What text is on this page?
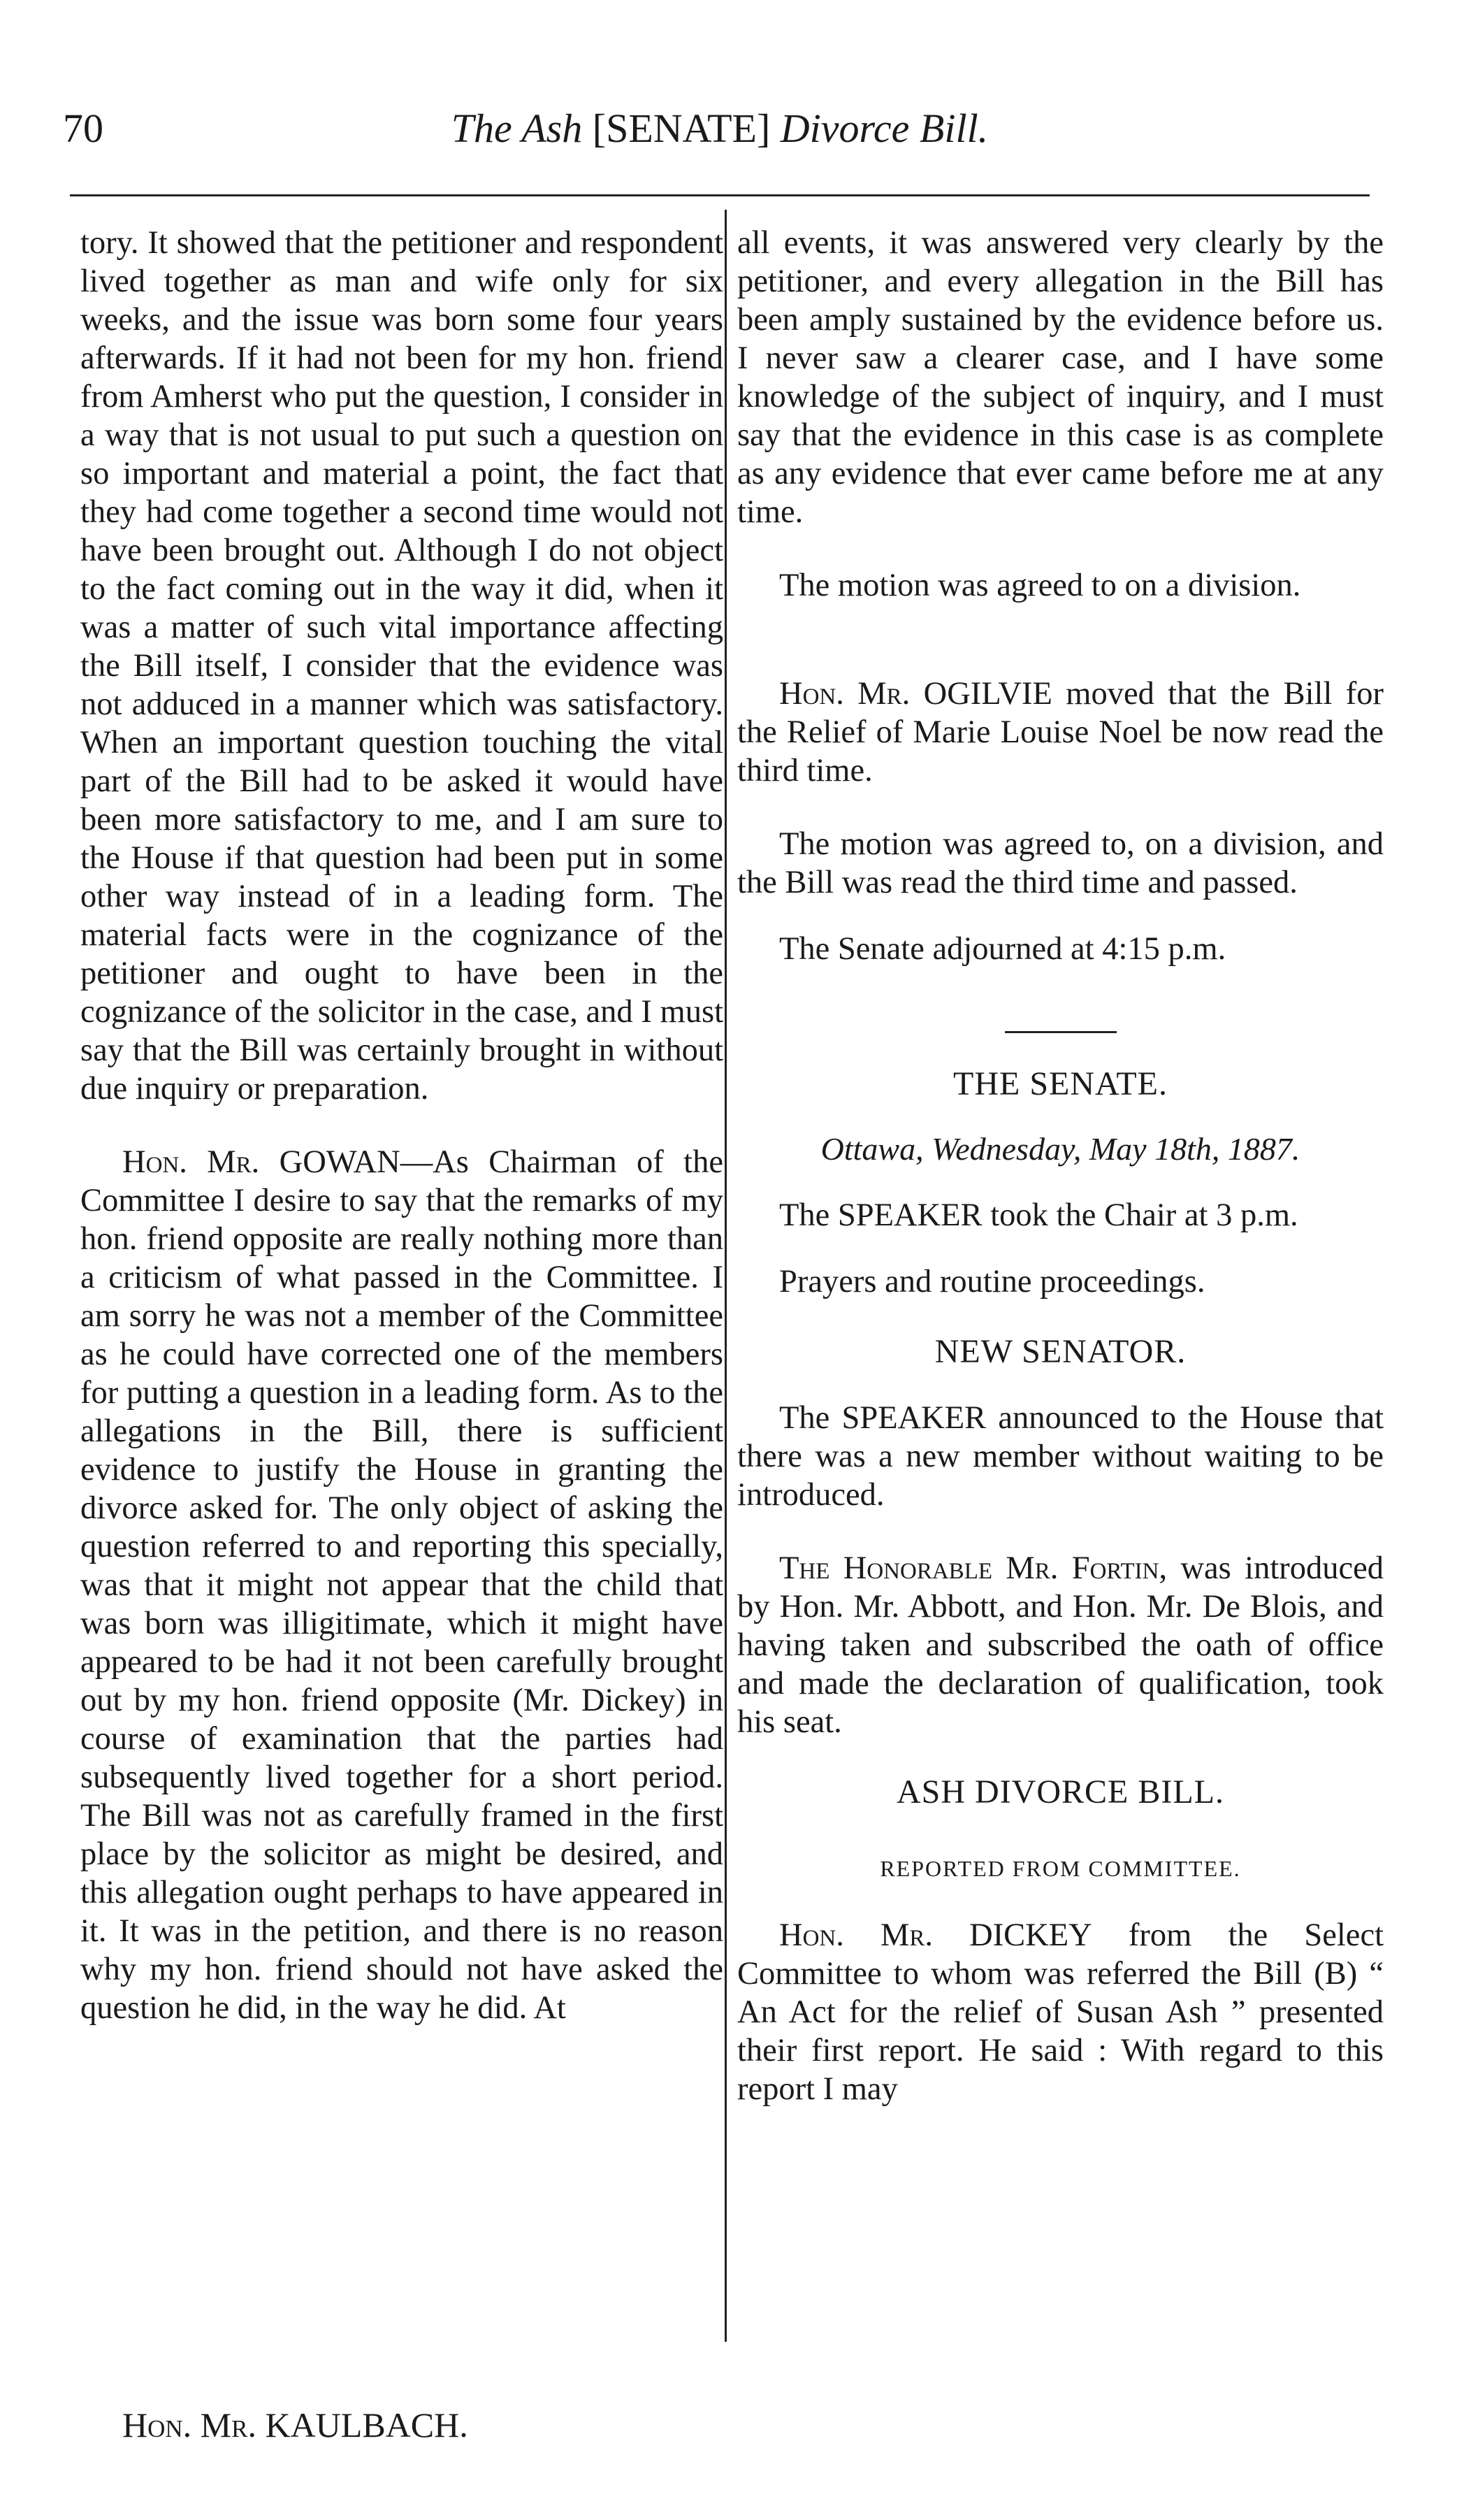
70	The Ash [SENATE] Divorce Bill.

tory. It showed that the petitioner and respondent lived together as man and wife only for six weeks, and the issue was born some four years afterwards. If it had not been for my hon. friend from Amherst who put the question, I consider in a way that is not usual to put such a question on so important and material a point, the fact that they had come together a second time would not have been brought out. Although I do not object to the fact coming out in the way it did, when it was a matter of such vital importance affecting the Bill itself, I consider that the evidence was not adduced in a manner which was satisfactory. When an important question touching the vital part of the Bill had to be asked it would have been more satisfactory to me, and I am sure to the House if that question had been put in some other way instead of in a leading form. The material facts were in the cognizance of the petitioner and ought to have been in the cognizance of the solicitor in the case, and I must say that the Bill was certainly brought in without due inquiry or preparation.

Hon. Mr. GOWAN—As Chairman of the Committee I desire to say that the remarks of my hon. friend opposite are really nothing more than a criticism of what passed in the Committee. I am sorry he was not a member of the Committee as he could have corrected one of the members for putting a question in a leading form. As to the allegations in the Bill, there is sufficient evidence to justify the House in granting the divorce asked for. The only object of asking the question referred to and reporting this specially, was that it might not appear that the child that was born was illigitimate, which it might have appeared to be had it not been carefully brought out by my hon. friend opposite (Mr. Dickey) in course of examination that the parties had subsequently lived together for a short period. The Bill was not as carefully framed in the first place by the solicitor as might be desired, and this allegation ought perhaps to have appeared in it. It was in the petition, and there is no reason why my hon. friend should not have asked the question he did, in the way he did. At

all events, it was answered very clearly by the petitioner, and every allegation in the Bill has been amply sustained by the evidence before us. I never saw a clearer case, and I have some knowledge of the subject of inquiry, and I must say that the evidence in this case is as complete as any evidence that ever came before me at any time.

The motion was agreed to on a division.

Hon. Mr. OGILVIE moved that the Bill for the Relief of Marie Louise Noel be now read the third time.

The motion was agreed to, on a division, and the Bill was read the third time and passed.

The Senate adjourned at 4:15 p.m.

THE SENATE.

Ottawa, Wednesday, May 18th, 1887.

The SPEAKER took the Chair at 3 p.m.

Prayers and routine proceedings.

NEW SENATOR.

The SPEAKER announced to the House that there was a new member without waiting to be introduced.

The Honorable Mr. Fortin, was introduced by Hon. Mr. Abbott, and Hon. Mr. De Blois, and having taken and subscribed the oath of office and made the declaration of qualification, took his seat.

ASH DIVORCE BILL.

REPORTED FROM COMMITTEE.

Hon. Mr. DICKEY from the Select Committee to whom was referred the Bill (B) “ An Act for the relief of Susan Ash ” presented their first report. He said : With regard to this report I may

Hon. Mr. KAULBACH.
